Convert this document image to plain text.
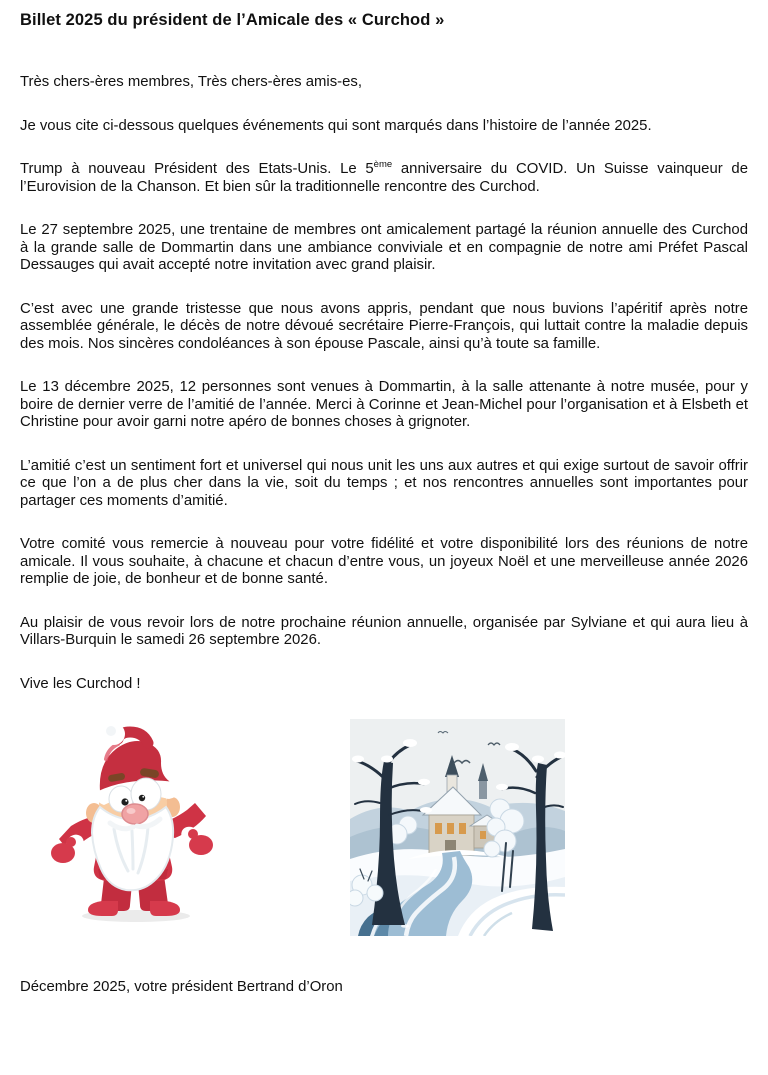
Billet 2025 du président de l’Amicale des « Curchod »

Très chers-ères membres, Très chers-ères amis-es,

Je vous cite ci-dessous quelques événements qui sont marqués dans l’histoire de l’année 2025.

Trump à nouveau Président des Etats-Unis. Le 5ème anniversaire du COVID. Un Suisse vainqueur de l’Eurovision de la Chanson. Et bien sûr la traditionnelle rencontre des Curchod.

Le 27 septembre 2025, une trentaine de membres ont amicalement partagé la réunion annuelle des Curchod à la grande salle de Dommartin dans une ambiance conviviale et en compagnie de notre ami Préfet Pascal Dessauges qui avait accepté notre invitation avec grand plaisir.

C’est avec une grande tristesse que nous avons appris, pendant que nous buvions l’apéritif après notre assemblée générale, le décès de notre dévoué secrétaire Pierre-François, qui luttait contre la maladie depuis des mois. Nos sincères condoléances à son épouse Pascale, ainsi qu’à toute sa famille.

Le 13 décembre 2025, 12 personnes sont venues à Dommartin, à la salle attenante à notre musée, pour y boire de dernier verre de l’amitié de l’année. Merci à Corinne et Jean-Michel pour l’organisation et à Elsbeth et Christine pour avoir garni notre apéro de bonnes choses à grignoter.

L’amitié c’est un sentiment fort et universel qui nous unit les uns aux autres et qui exige surtout de savoir offrir ce que l’on a de plus cher dans la vie, soit du temps ; et nos rencontres annuelles sont importantes pour partager ces moments d’amitié.

Votre comité vous remercie à nouveau pour votre fidélité et votre disponibilité lors des réunions de notre amicale. Il vous souhaite, à chacune et chacun d’entre vous, un joyeux Noël et une merveilleuse année 2026 remplie de joie, de bonheur et de bonne santé.

Au plaisir de vous revoir lors de notre prochaine réunion annuelle, organisée par Sylviane et qui aura lieu à Villars-Burquin le samedi 26 septembre 2026.

Vive les Curchod !

Décembre 2025, votre président Bertrand d’Oron
